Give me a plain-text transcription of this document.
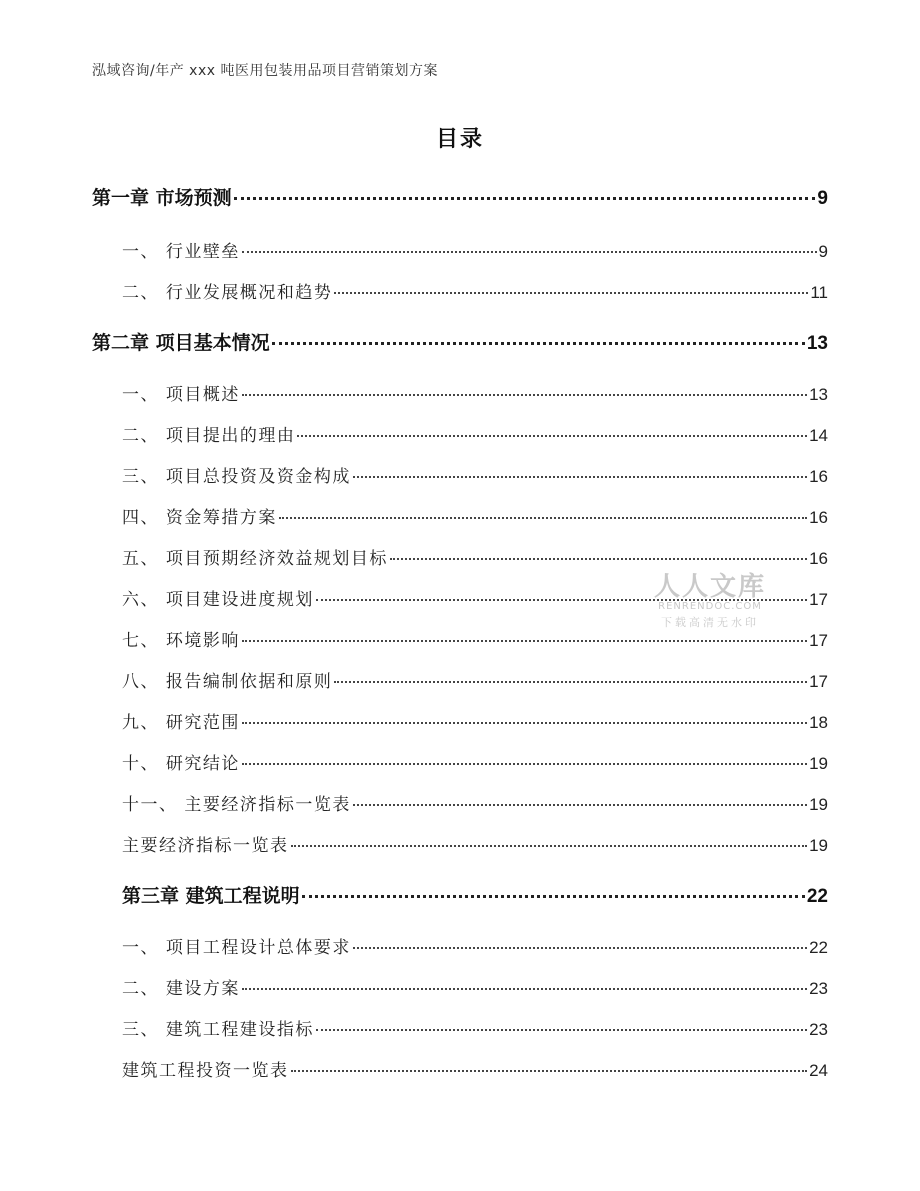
泓域咨询/年产 xxx 吨医用包装用品项目营销策划方案
目录
第一章 市场预测	9
一、 行业壁垒	9
二、 行业发展概况和趋势	11
第二章 项目基本情况	13
一、 项目概述	13
二、 项目提出的理由	14
三、 项目总投资及资金构成	16
四、 资金筹措方案	16
五、 项目预期经济效益规划目标	16
六、 项目建设进度规划	17
七、 环境影响	17
八、 报告编制依据和原则	17
九、 研究范围	18
十、 研究结论	19
十一、 主要经济指标一览表	19
主要经济指标一览表	19
第三章 建筑工程说明	22
一、 项目工程设计总体要求	22
二、 建设方案	23
三、 建筑工程建设指标	23
建筑工程投资一览表	24
人人文库
RENRENDOC.COM
下载高清无水印
